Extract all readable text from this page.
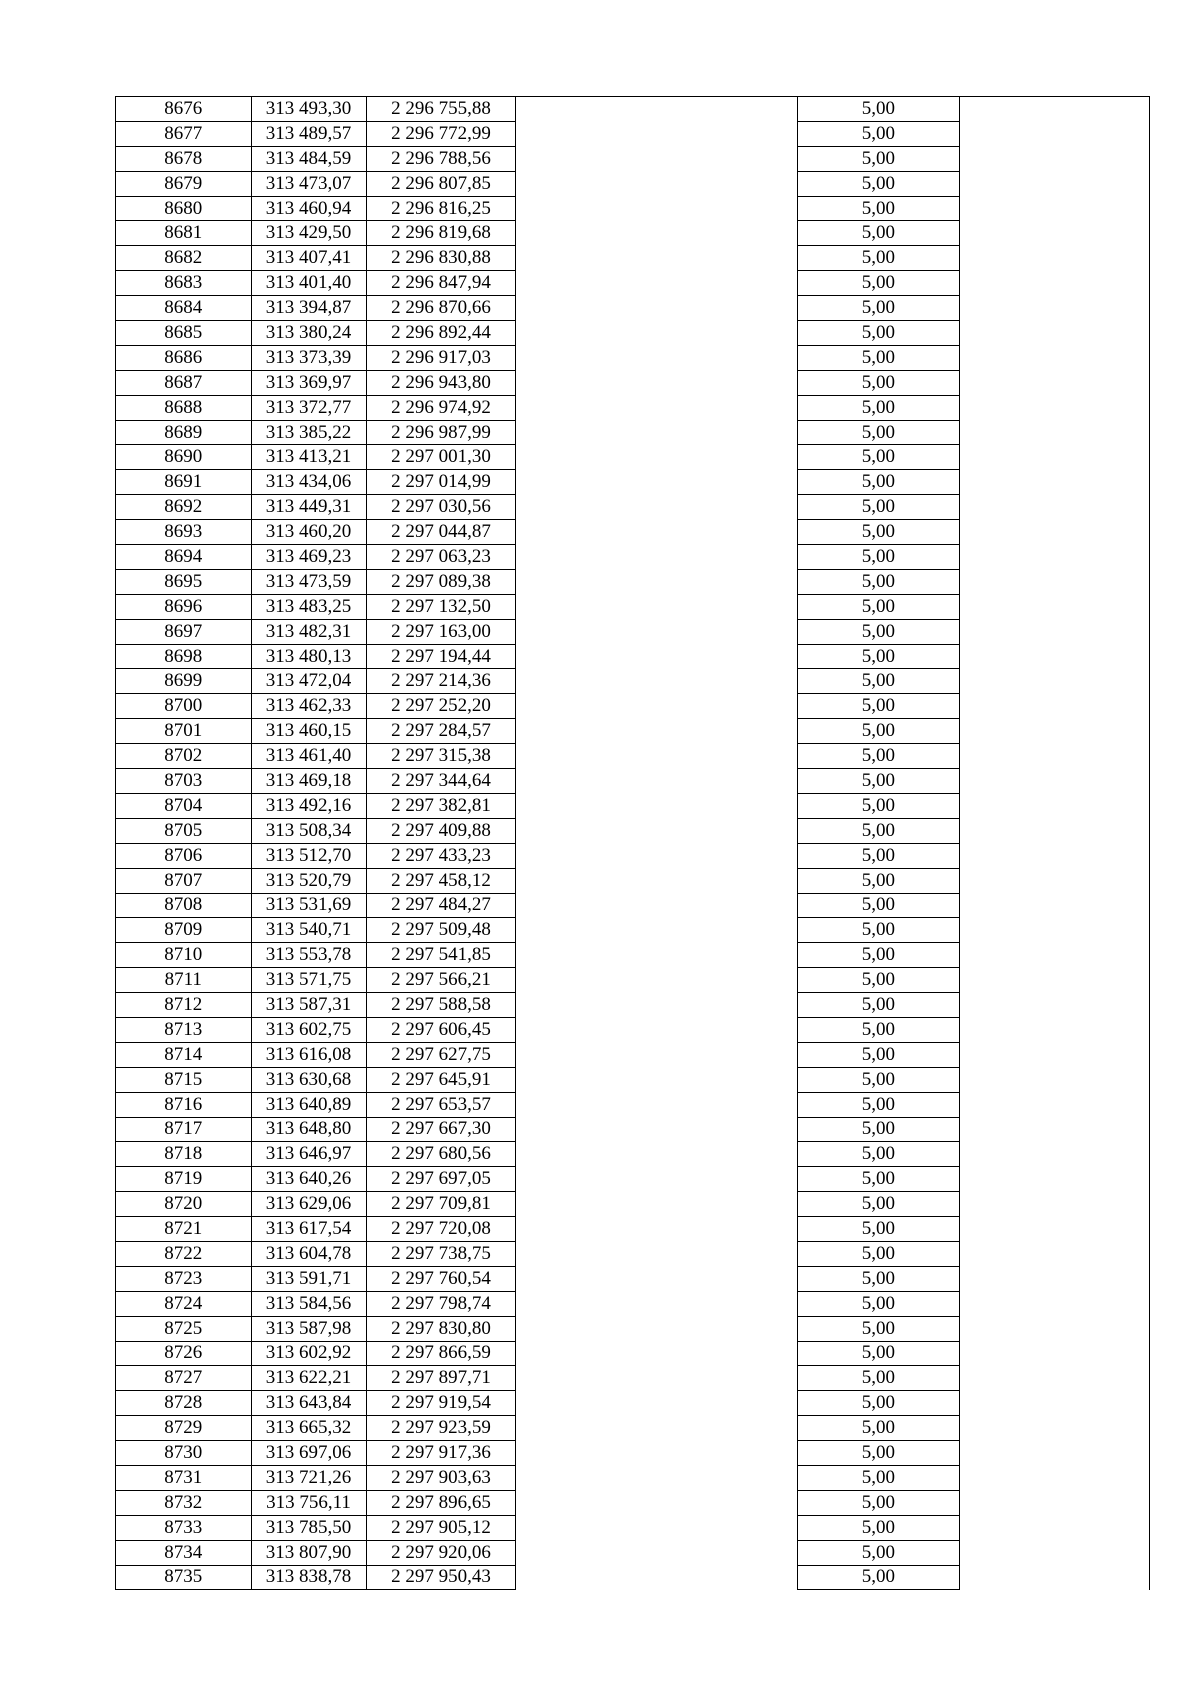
8676	313 493,30	2 296 755,88		5,00	
8677	313 489,57	2 296 772,99		5,00	
8678	313 484,59	2 296 788,56		5,00	
8679	313 473,07	2 296 807,85		5,00	
8680	313 460,94	2 296 816,25		5,00	
8681	313 429,50	2 296 819,68		5,00	
8682	313 407,41	2 296 830,88		5,00	
8683	313 401,40	2 296 847,94		5,00	
8684	313 394,87	2 296 870,66		5,00	
8685	313 380,24	2 296 892,44		5,00	
8686	313 373,39	2 296 917,03		5,00	
8687	313 369,97	2 296 943,80		5,00	
8688	313 372,77	2 296 974,92		5,00	
8689	313 385,22	2 296 987,99		5,00	
8690	313 413,21	2 297 001,30		5,00	
8691	313 434,06	2 297 014,99		5,00	
8692	313 449,31	2 297 030,56		5,00	
8693	313 460,20	2 297 044,87		5,00	
8694	313 469,23	2 297 063,23		5,00	
8695	313 473,59	2 297 089,38		5,00	
8696	313 483,25	2 297 132,50		5,00	
8697	313 482,31	2 297 163,00		5,00	
8698	313 480,13	2 297 194,44		5,00	
8699	313 472,04	2 297 214,36		5,00	
8700	313 462,33	2 297 252,20		5,00	
8701	313 460,15	2 297 284,57		5,00	
8702	313 461,40	2 297 315,38		5,00	
8703	313 469,18	2 297 344,64		5,00	
8704	313 492,16	2 297 382,81		5,00	
8705	313 508,34	2 297 409,88		5,00	
8706	313 512,70	2 297 433,23		5,00	
8707	313 520,79	2 297 458,12		5,00	
8708	313 531,69	2 297 484,27		5,00	
8709	313 540,71	2 297 509,48		5,00	
8710	313 553,78	2 297 541,85		5,00	
8711	313 571,75	2 297 566,21		5,00	
8712	313 587,31	2 297 588,58		5,00	
8713	313 602,75	2 297 606,45		5,00	
8714	313 616,08	2 297 627,75		5,00	
8715	313 630,68	2 297 645,91		5,00	
8716	313 640,89	2 297 653,57		5,00	
8717	313 648,80	2 297 667,30		5,00	
8718	313 646,97	2 297 680,56		5,00	
8719	313 640,26	2 297 697,05		5,00	
8720	313 629,06	2 297 709,81		5,00	
8721	313 617,54	2 297 720,08		5,00	
8722	313 604,78	2 297 738,75		5,00	
8723	313 591,71	2 297 760,54		5,00	
8724	313 584,56	2 297 798,74		5,00	
8725	313 587,98	2 297 830,80		5,00	
8726	313 602,92	2 297 866,59		5,00	
8727	313 622,21	2 297 897,71		5,00	
8728	313 643,84	2 297 919,54		5,00	
8729	313 665,32	2 297 923,59		5,00	
8730	313 697,06	2 297 917,36		5,00	
8731	313 721,26	2 297 903,63		5,00	
8732	313 756,11	2 297 896,65		5,00	
8733	313 785,50	2 297 905,12		5,00	
8734	313 807,90	2 297 920,06		5,00	
8735	313 838,78	2 297 950,43		5,00	
